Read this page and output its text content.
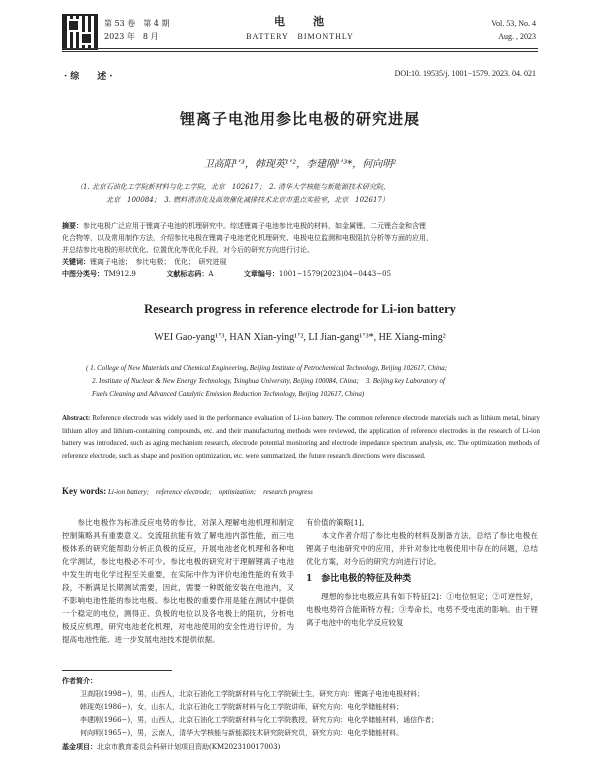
第 53 卷　第 4 期
2023 年　8 月
电　　池
BATTERY　BIMONTHLY
Vol. 53, No. 4
Aug. , 2023
· 综　　述 ·	DOI:10. 19535/j. 1001−1579. 2023. 04. 021
锂离子电池用参比电极的研究进展
卫高阳¹ʼ³，韩现英¹ʼ²，李建刚¹ʼ³*，何向明²
（1. 北京石油化工学院新材料与化工学院，北京　102617；　2. 清华大学核能与新能源技术研究院，
北京　100084；　3. 燃料清洁化及高效催化减排技术北京市重点实验室，北京　102617）
摘要：参比电极广泛应用于锂离子电池的机理研究中。综述锂离子电池参比电极的材料，如金属锂、二元锂合金和含锂
化合物等，以及常用制作方法，介绍参比电极在锂离子电池老化机理研究、电极电位监测和电极阻抗分析等方面的应用，
并总结参比电极的形状优化、位置优化等优化手段，对今后的研究方向进行讨论。
关键词：锂离子电池；　参比电极；　优化；　研究进展
中图分类号：TM912.9	文献标志码：A	文章编号：1001−1579(2023)04−0443−05
Research progress in reference electrode for Li-ion battery
WEI Gao-yang¹ʼ³, HAN Xian-ying¹ʼ², LI Jian-gang¹ʼ³*, HE Xiang-ming²
( 1. College of New Materials and Chemical Engineering, Beijing Institute of Petrochemical Technology, Beijing 102617, China;
2. Institute of Nuclear & New Energy Technology, Tsinghua University, Beijing 100084, China;　3. Beijing key Laboratory of
Fuels Cleaning and Advanced Catalytic Emission Reduction Technology, Beijing 102617, China)
Abstract: Reference electrode was widely used in the performance evaluation of Li-ion battery. The common reference electrode materials such as lithium metal, binary lithium alloy and lithium-containing compounds, etc. and their manufacturing methods were reviewed, the application of reference electrodes in the research of Li-ion battery was introduced, such as aging mechanism research, electrode potential monitoring and electrode impedance spectrum analysis, etc. The optimization methods of reference electrode, such as shape and position optimization, etc. were summarized, the future research directions were discussed.
Key words: Li-ion battery;　reference electrode;　optimization;　research progress
　　参比电极作为标准反应电势的参比，对深入理解电池机理和制定控制策略具有重要意义。交流阻抗能有效了解电池内部性能，而三电极体系的研究能帮助分析正负极的反应，开展电池老化机理和各种电化学测试，参比电极必不可少。参比电极的研究对于理解锂离子电池中发生的电化学过程至关重要，在实际中作为评价电池性能的有效手段，不断满足长期测试需要，因此，需要一种既能安装在电池内，又不影响电池性能的参比电极。参比电极的重要作用是能在测试中提供一个稳定的电位，测得正、负极的电位以及各电极上的阻抗，分析电极反应机理，研究电池老化机理，对电池使用的安全性进行评价，为提高电池性能、进一步发展电池技术提供依据。
有价值的策略[1]。
　　本文作者介绍了参比电极的材料及制备方法，总结了参比电极在锂离子电池研究中的应用，并针对参比电极使用中存在的问题，总结优化方案，对今后的研究方向进行讨论。
1　参比电极的特征及种类
　　理想的参比电极应具有如下特征[2]：①电位恒定；②可逆性好，电极电势符合能斯特方程；③寿命长，电势不受电流的影响。由于锂离子电池中的电化学反应较复
作者简介：
卫高阳(1998−)，男，山西人，北京石油化工学院新材料与化工学院硕士生，研究方向：锂离子电池电极材料；
韩现英(1986−)，女，山东人，北京石油化工学院新材料与化工学院讲师，研究方向：电化学储能材料；
李建刚(1966−)，男，山西人，北京石油化工学院新材料与化工学院教授，研究方向：电化学储能材料，通信作者；
何向明(1965−)，男，云南人，清华大学核能与新能源技术研究院研究员，研究方向：电化学储能材料。
基金项目：北京市教育委员会科研计划项目资助(KM202310017003)
